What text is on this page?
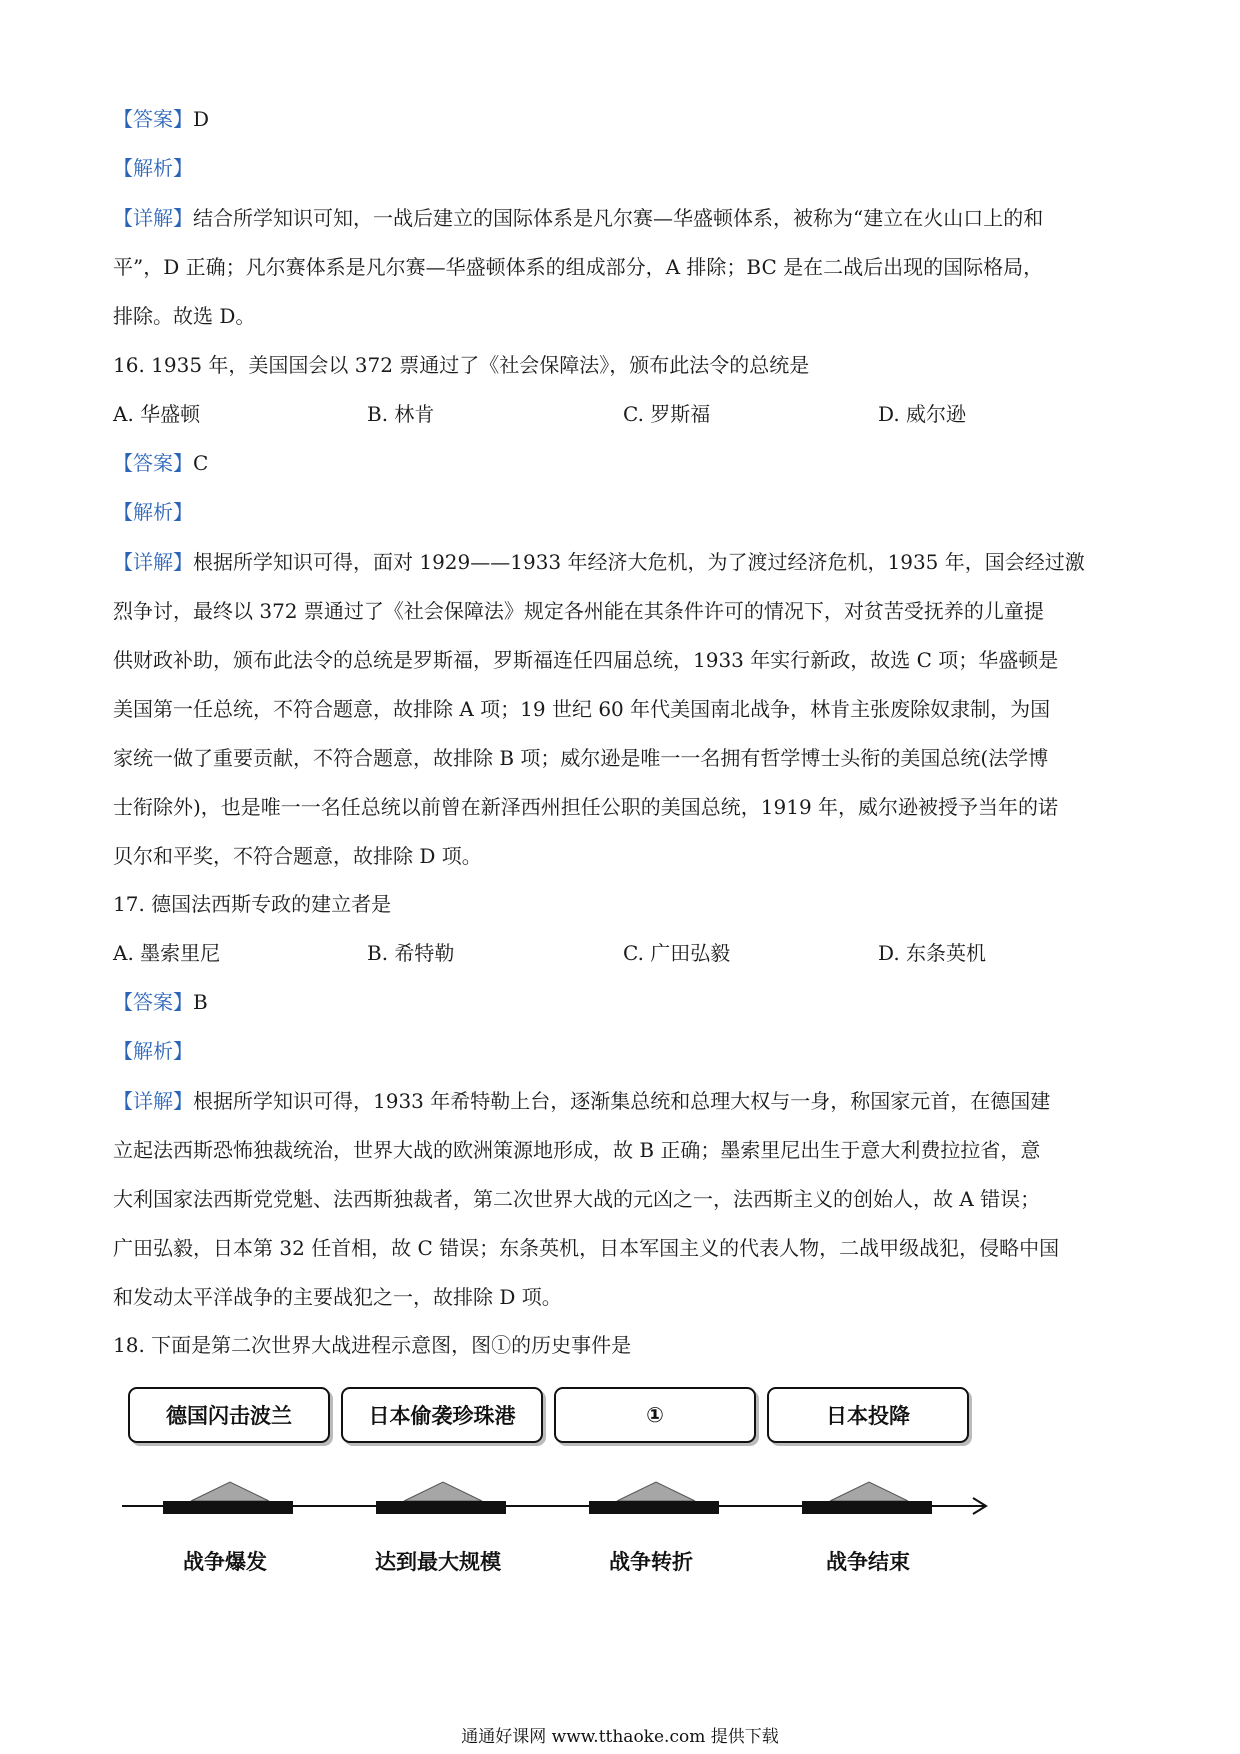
【答案】D
【解析】
【详解】结合所学知识可知，一战后建立的国际体系是凡尔赛—华盛顿体系，被称为“建立在火山口上的和
平”，D 正确；凡尔赛体系是凡尔赛—华盛顿体系的组成部分，A 排除；BC 是在二战后出现的国际格局，
排除。故选 D。
16. 1935 年，美国国会以 372 票通过了《社会保障法》，颁布此法令的总统是
A. 华盛顿	B. 林肯	C. 罗斯福	D. 威尔逊
【答案】C
【解析】
【详解】根据所学知识可得，面对 1929——1933 年经济大危机，为了渡过经济危机，1935 年，国会经过激
烈争讨，最终以 372 票通过了《社会保障法》规定各州能在其条件许可的情况下，对贫苦受抚养的儿童提
供财政补助，颁布此法令的总统是罗斯福，罗斯福连任四届总统，1933 年实行新政，故选 C 项；华盛顿是
美国第一任总统，不符合题意，故排除 A 项；19 世纪 60 年代美国南北战争，林肯主张废除奴隶制，为国
家统一做了重要贡献，不符合题意，故排除 B 项；威尔逊是唯一一名拥有哲学博士头衔的美国总统(法学博
士衔除外)，也是唯一一名任总统以前曾在新泽西州担任公职的美国总统，1919 年，威尔逊被授予当年的诺
贝尔和平奖，不符合题意，故排除 D 项。
17. 德国法西斯专政的建立者是
A. 墨索里尼	B. 希特勒	C. 广田弘毅	D. 东条英机
【答案】B
【解析】
【详解】根据所学知识可得，1933 年希特勒上台，逐渐集总统和总理大权与一身，称国家元首，在德国建
立起法西斯恐怖独裁统治，世界大战的欧洲策源地形成，故 B 正确；墨索里尼出生于意大利费拉拉省，意
大利国家法西斯党党魁、法西斯独裁者，第二次世界大战的元凶之一，法西斯主义的创始人，故 A 错误；
广田弘毅，日本第 32 任首相，故 C 错误；东条英机，日本军国主义的代表人物，二战甲级战犯，侵略中国
和发动太平洋战争的主要战犯之一，故排除 D 项。
18. 下面是第二次世界大战进程示意图，图①的历史事件是
德国闪击波兰	日本偷袭珍珠港	①	日本投降
战争爆发	达到最大规模	战争转折	战争结束
通通好课网 www.tthaoke.com 提供下载
